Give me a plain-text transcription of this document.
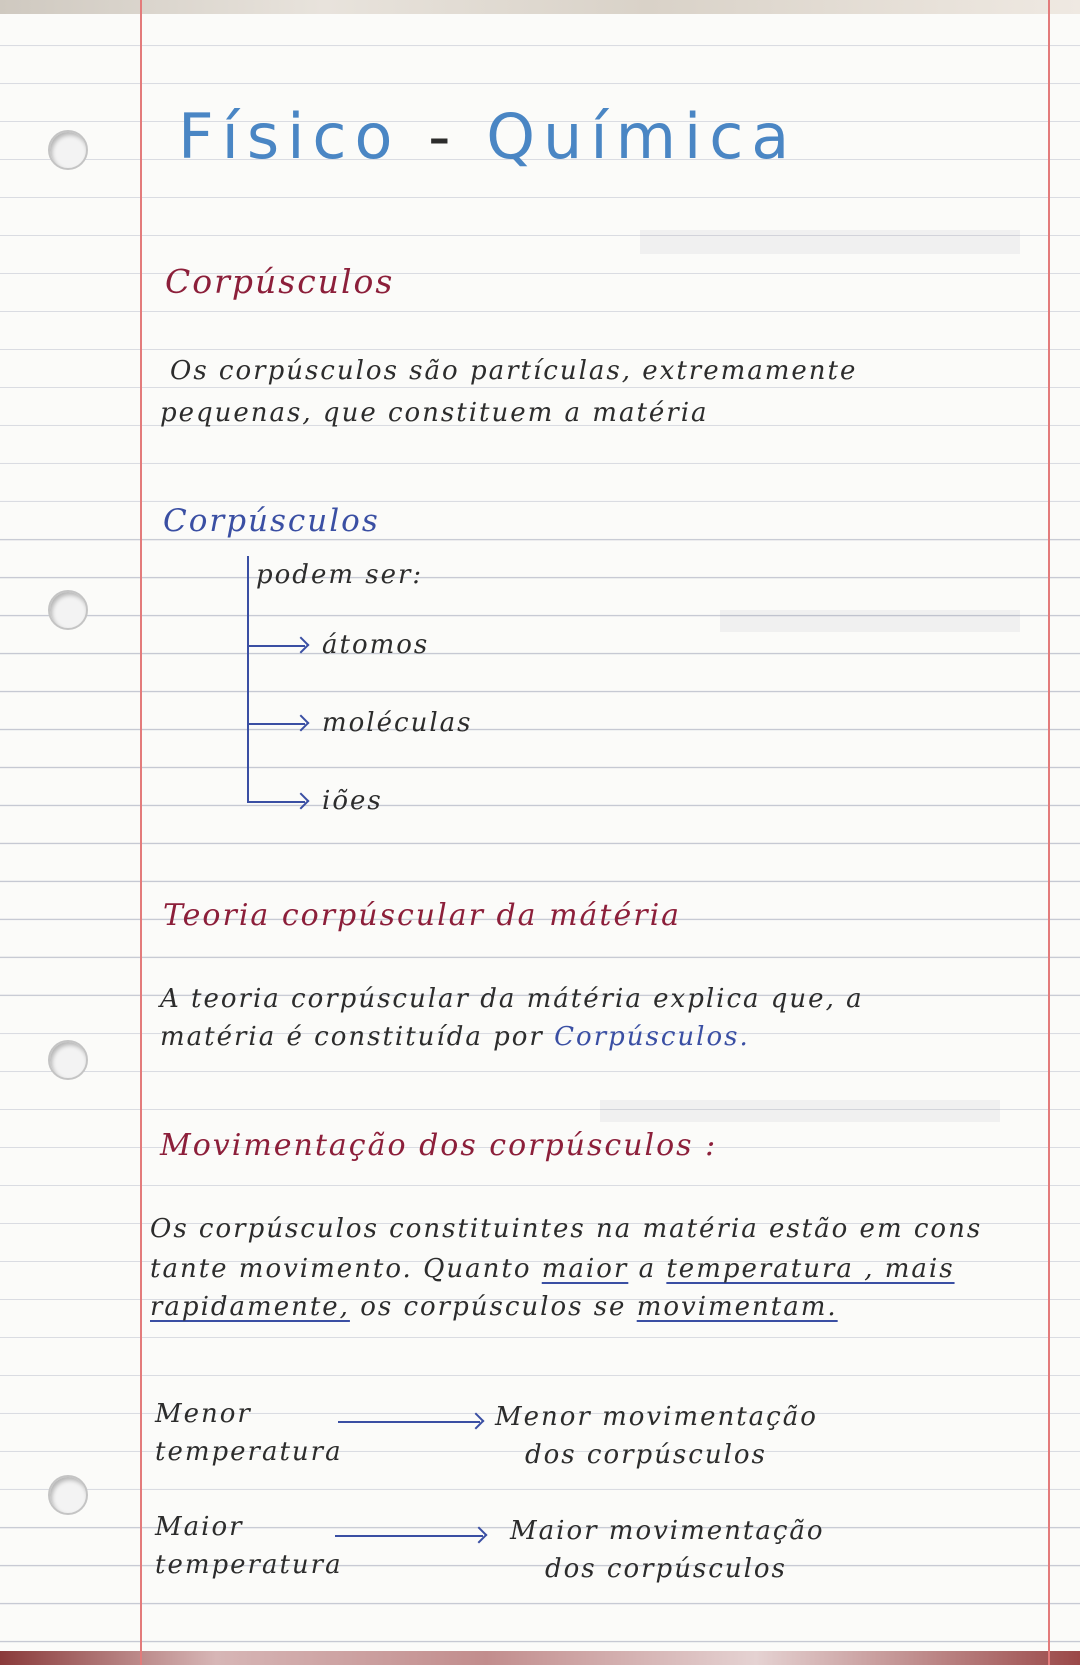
Físico - Química
Corpúsculos
Os corpúsculos são partículas, extremamente
pequenas, que constituem a matéria
Corpúsculos
podem ser:
átomos
moléculas
iões
Teoria corpúscular da mátéria
A teoria corpúscular da mátéria explica que, a
matéria é constituída por Corpúsculos.
Movimentação dos corpúsculos :
Os corpúsculos constituintes na matéria estão em cons
tante movimento. Quanto maior a temperatura , mais
rapidamente, os corpúsculos se movimentam.
Menor
temperatura
Menor movimentação
dos corpúsculos
Maior
temperatura
Maior movimentação
dos corpúsculos
